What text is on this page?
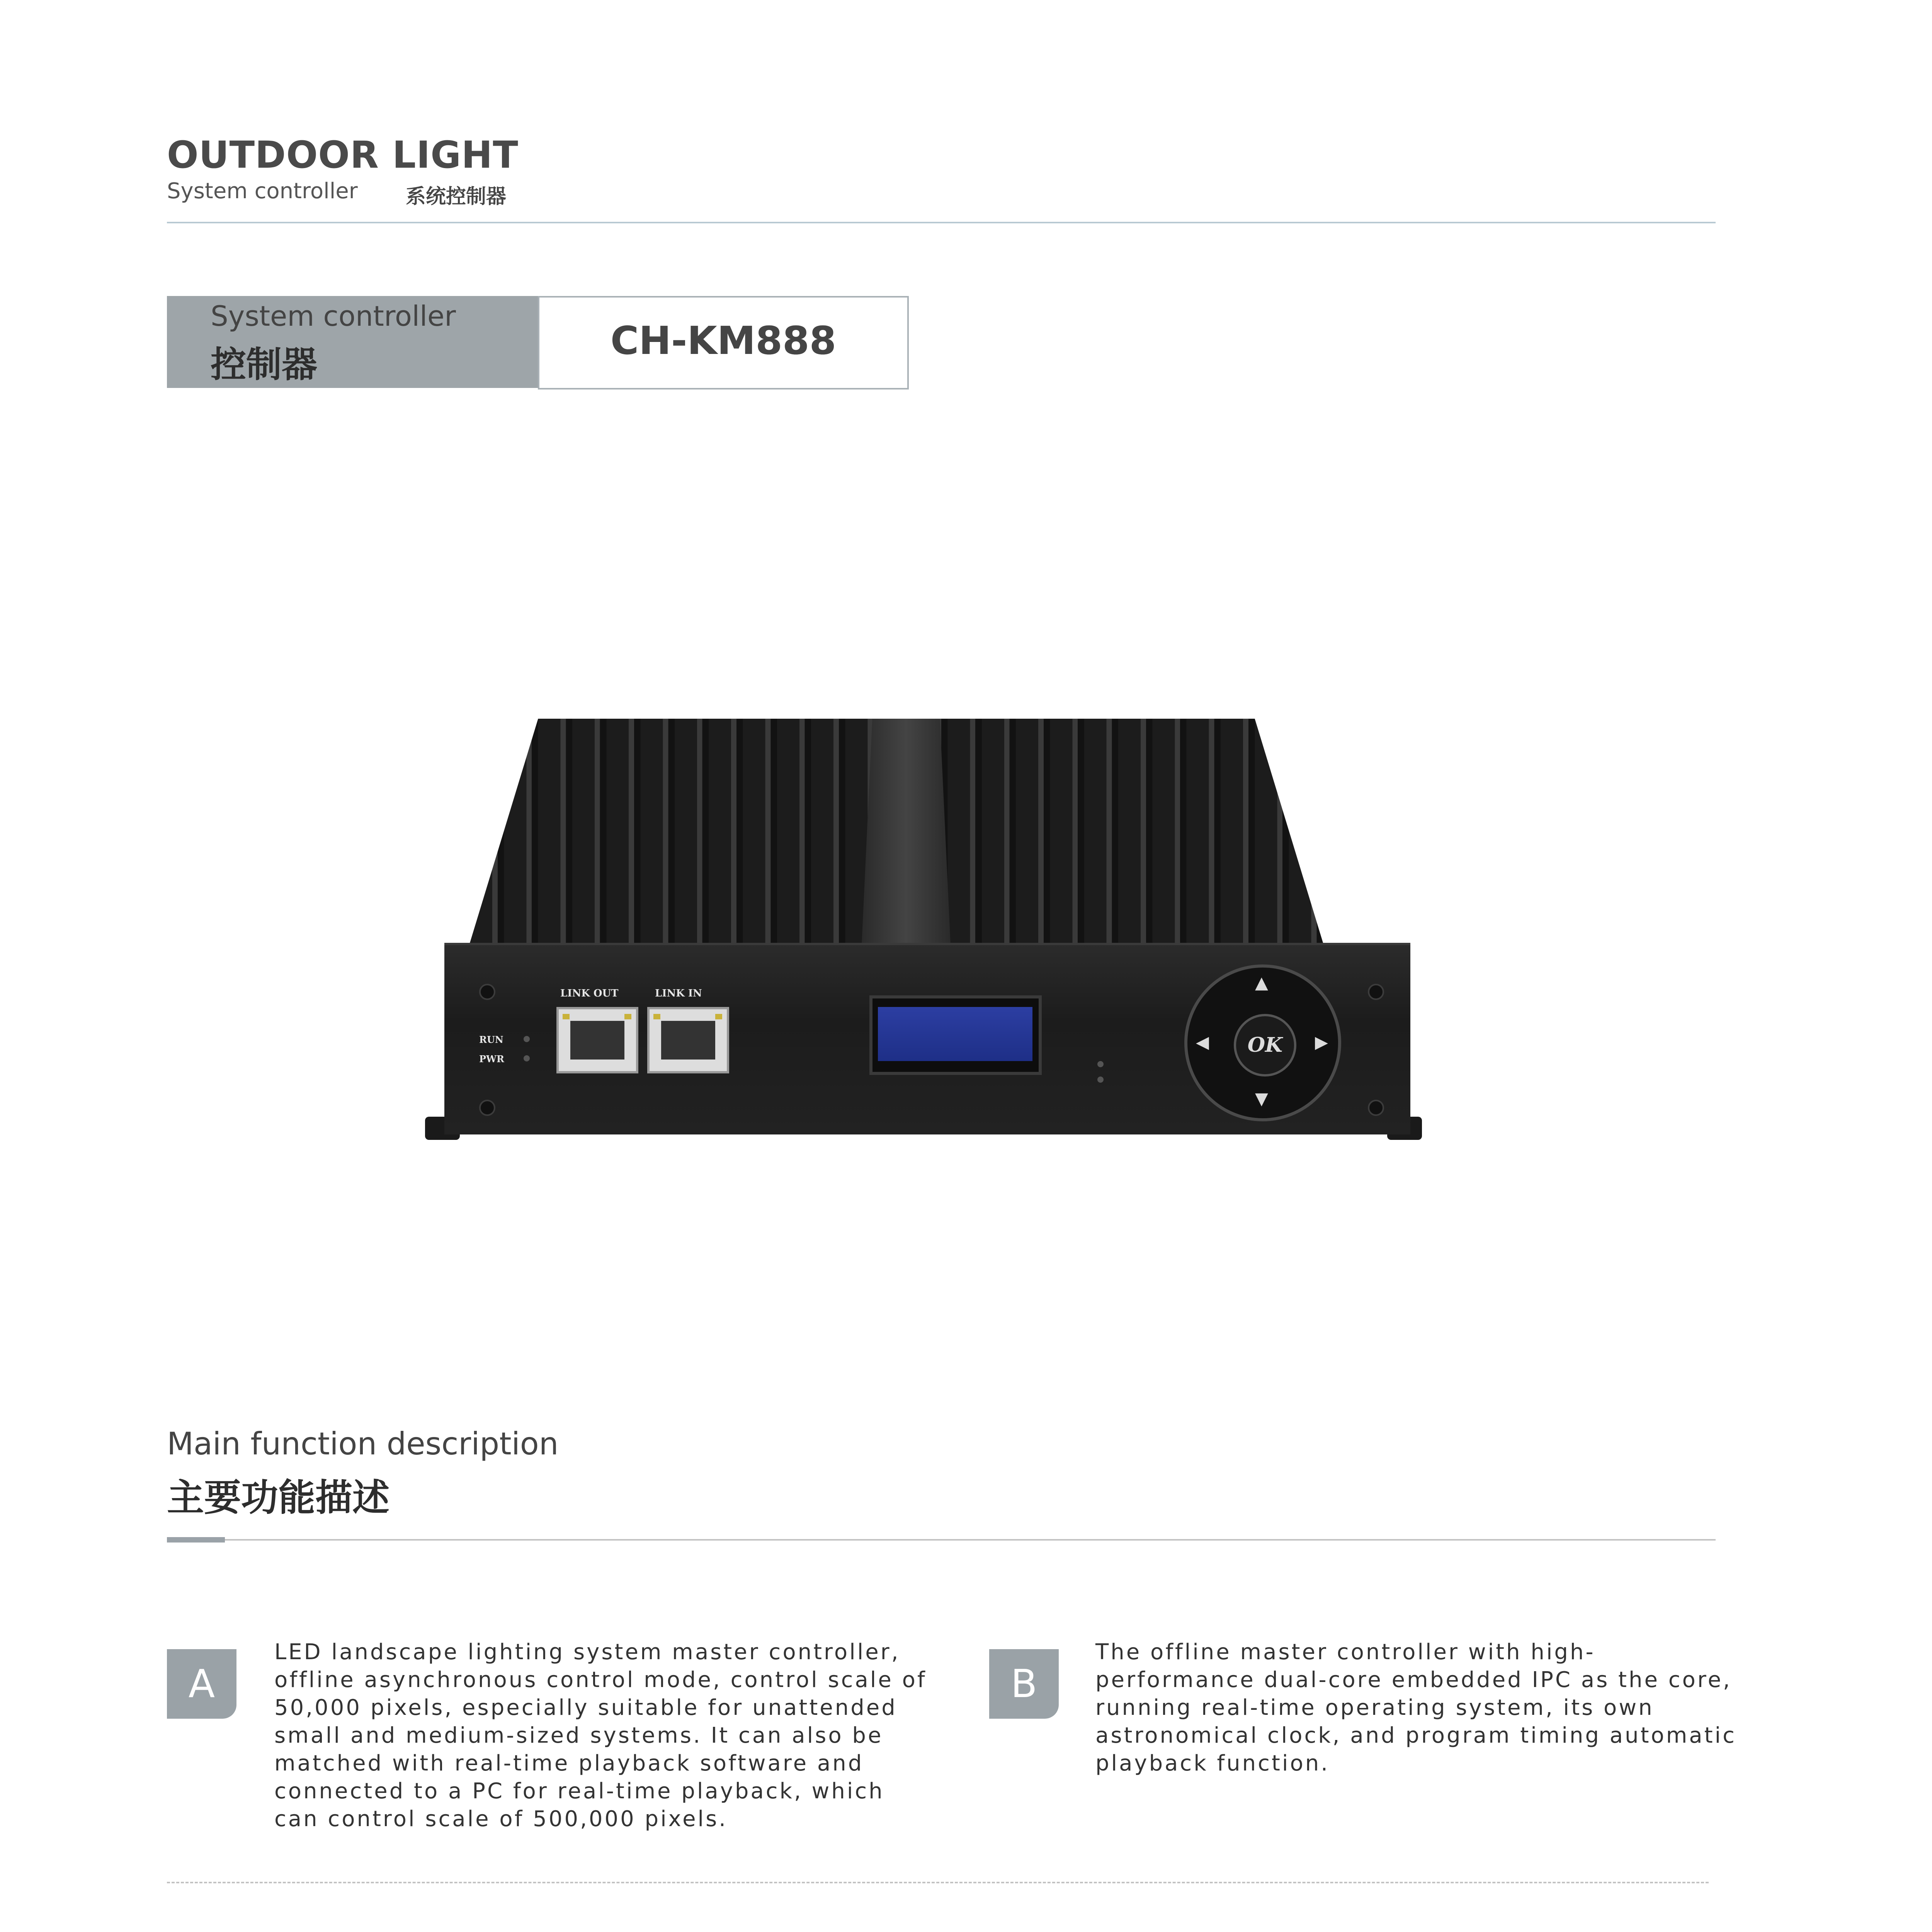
OUTDOOR LIGHT
System controller 系统控制器
System controller
控制器
CH-KM888
RUN
PWR
LINK OUT	LINK IN
▲
▼
◀	▶
OK
Main function description
主要功能描述
A
LED landscape lighting system master controller, offline asynchronous control mode, control scale of 50,000 pixels, especially suitable for unattended small and medium-sized systems. It can also be matched with real-time playback software and connected to a PC for real-time playback, which can control scale of 500,000 pixels.
B
The offline master controller with high-performance dual-core embedded IPC as the core, running real-time operating system, its own astronomical clock, and program timing automatic playback function.
